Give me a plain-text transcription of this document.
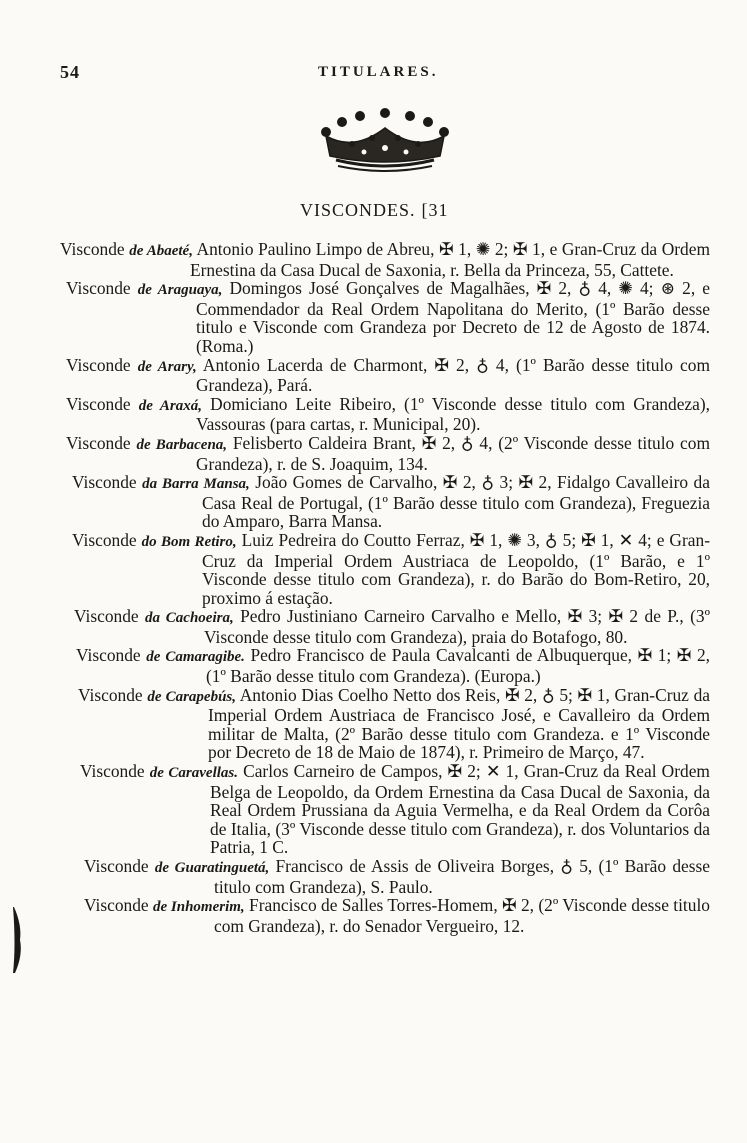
54	TITULARES.
VISCONDES. [31

Visconde de Abaeté, Antonio Paulino Limpo de Abreu, ✠ 1, ✺ 2; ✠ 1, e Gran-Cruz da Ordem Ernestina da Casa Ducal de Saxonia, r. Bella da Princeza, 55, Cattete.

Visconde de Araguaya, Domingos José Gonçalves de Magalhães, ✠ 2, ♁ 4, ✺ 4; ⊛ 2, e Commendador da Real Ordem Napolitana do Merito, (1º Barão desse titulo e Visconde com Grandeza por Decreto de 12 de Agosto de 1874. (Roma.)

Visconde de Arary, Antonio Lacerda de Charmont, ✠ 2, ♁ 4, (1º Barão desse titulo com Grandeza), Pará.

Visconde de Araxá, Domiciano Leite Ribeiro, (1º Visconde desse titulo com Grandeza), Vassouras (para cartas, r. Municipal, 20).

Visconde de Barbacena, Felisberto Caldeira Brant, ✠ 2, ♁ 4, (2º Visconde desse titulo com Grandeza), r. de S. Joaquim, 134.

Visconde da Barra Mansa, João Gomes de Carvalho, ✠ 2, ♁ 3; ✠ 2, Fidalgo Cavalleiro da Casa Real de Portugal, (1º Barão desse titulo com Grandeza), Freguezia do Amparo, Barra Mansa.

Visconde do Bom Retiro, Luiz Pedreira do Coutto Ferraz, ✠ 1, ✺ 3, ♁ 5; ✠ 1, ✕ 4; e Gran-Cruz da Imperial Ordem Austriaca de Leopoldo, (1º Barão, e 1º Visconde desse titulo com Grandeza), r. do Barão do Bom-Retiro, 20, proximo á estação.

Visconde da Cachoeira, Pedro Justiniano Carneiro Carvalho e Mello, ✠ 3; ✠ 2 de P., (3º Visconde desse titulo com Grandeza), praia do Botafogo, 80.

Visconde de Camaragibe. Pedro Francisco de Paula Cavalcanti de Albuquerque, ✠ 1; ✠ 2, (1º Barão desse titulo com Grandeza). (Europa.)

Visconde de Carapebús, Antonio Dias Coelho Netto dos Reis, ✠ 2, ♁ 5; ✠ 1, Gran-Cruz da Imperial Ordem Austriaca de Francisco José, e Cavalleiro da Ordem militar de Malta, (2º Barão desse titulo com Grandeza. e 1º Visconde por Decreto de 18 de Maio de 1874), r. Primeiro de Março, 47.

Visconde de Caravellas. Carlos Carneiro de Campos, ✠ 2; ✕ 1, Gran-Cruz da Real Ordem Belga de Leopoldo, da Ordem Ernestina da Casa Ducal de Saxonia, da Real Ordem Prussiana da Aguia Vermelha, e da Real Ordem da Corôa de Italia, (3º Visconde desse titulo com Grandeza), r. dos Voluntarios da Patria, 1 C.

Visconde de Guaratinguetá, Francisco de Assis de Oliveira Borges, ♁ 5, (1º Barão desse titulo com Grandeza), S. Paulo.

Visconde de Inhomerim, Francisco de Salles Torres-Homem, ✠ 2, (2º Visconde desse titulo com Grandeza), r. do Senador Vergueiro, 12.
